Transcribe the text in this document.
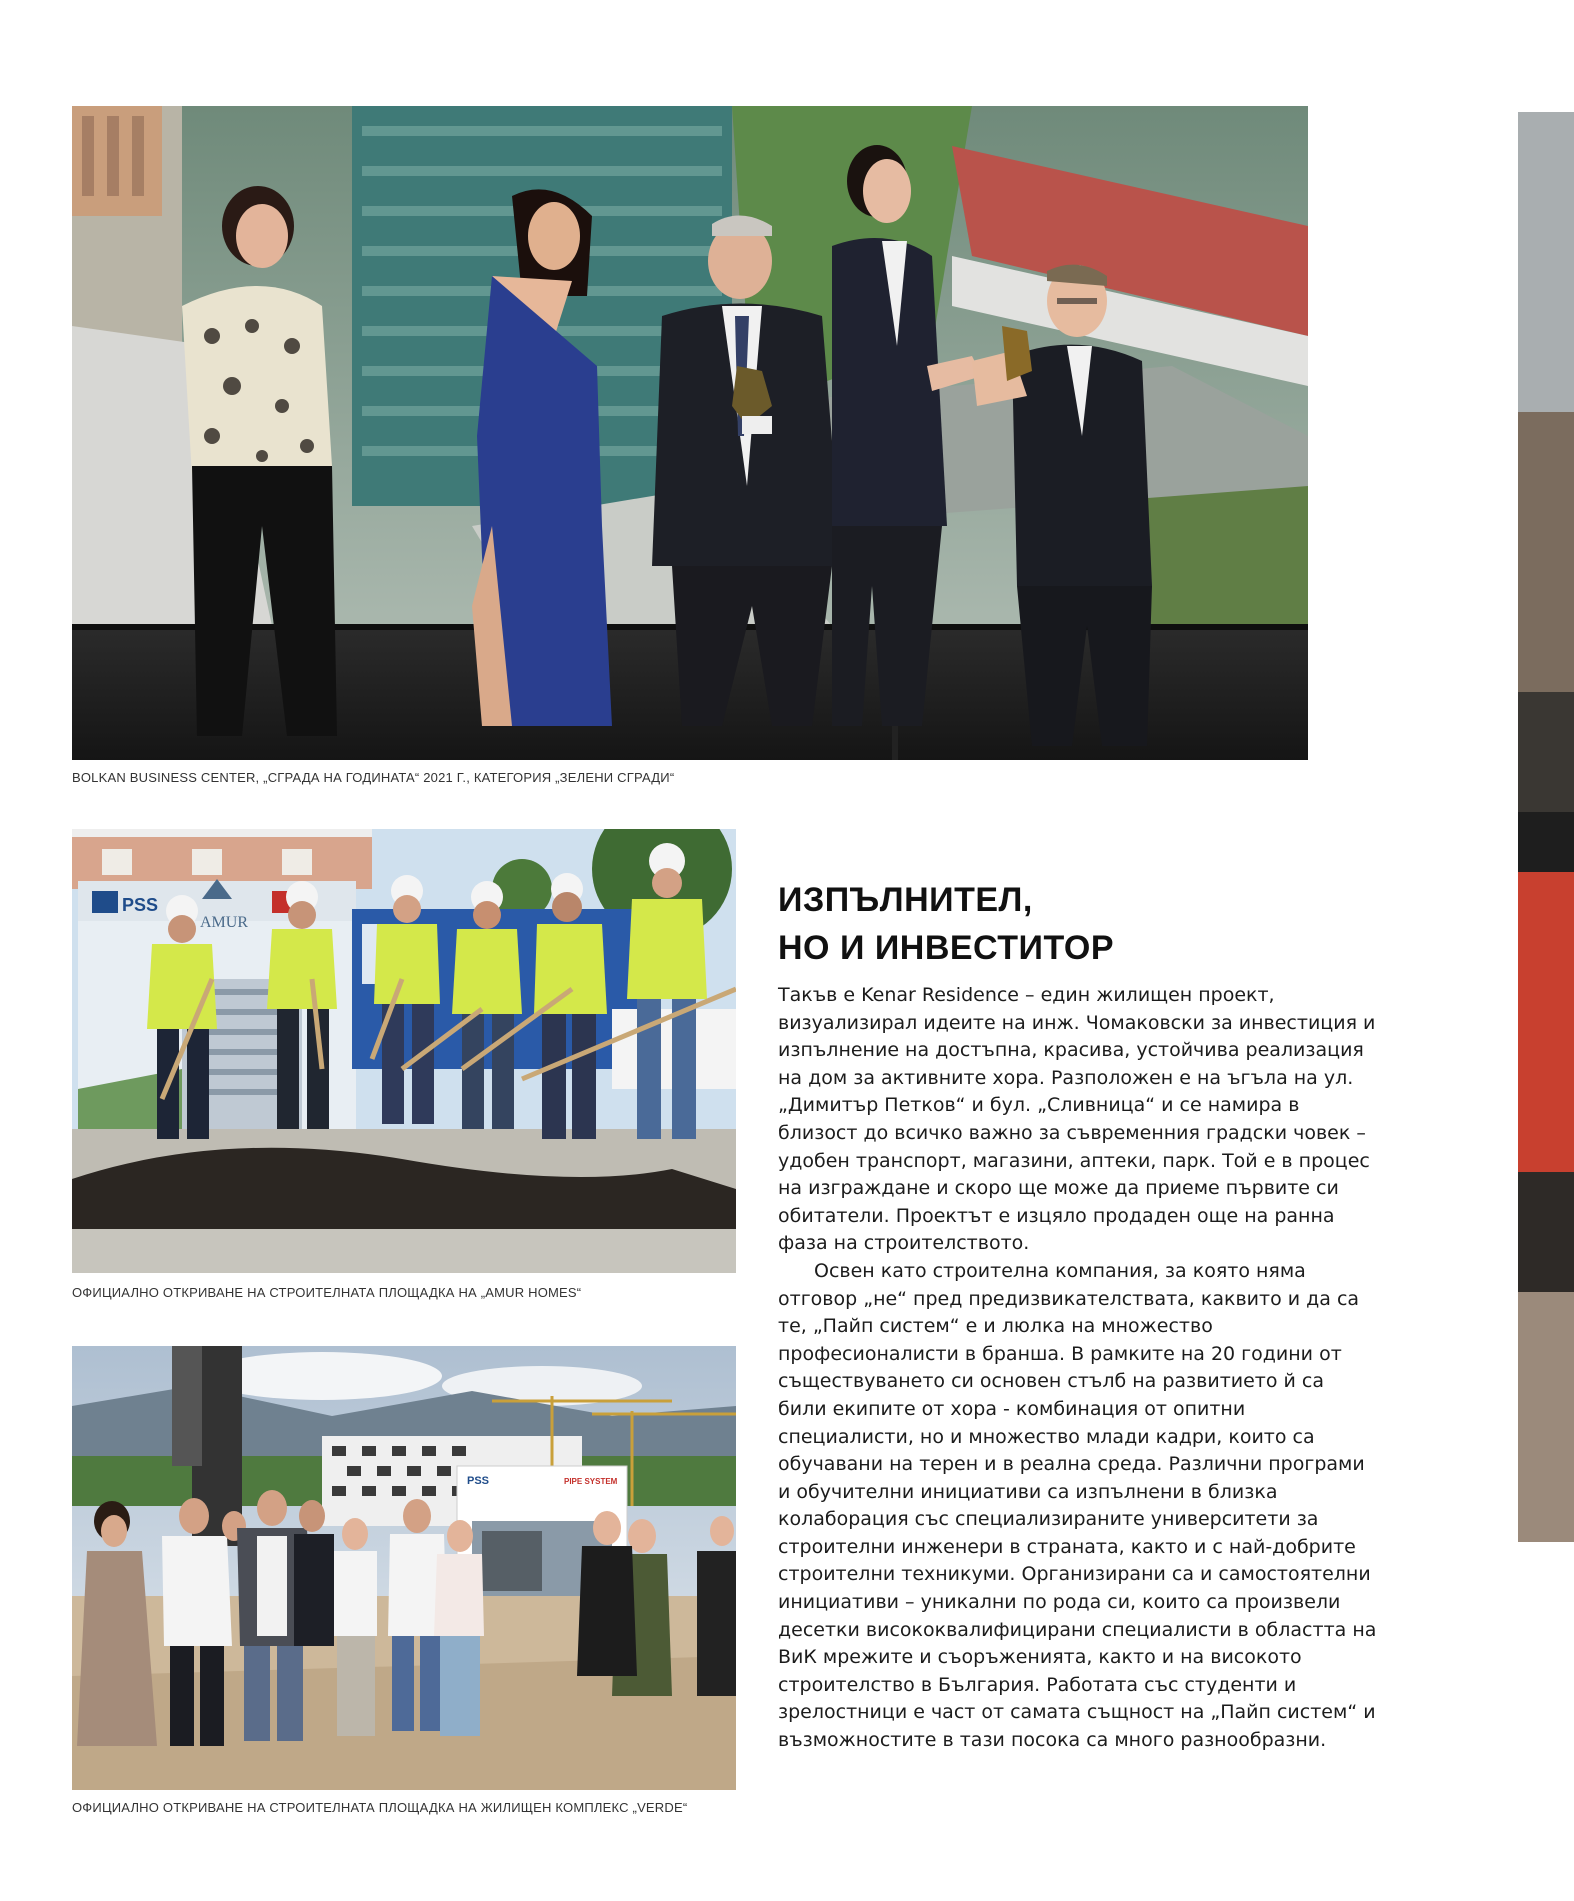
BOLKAN BUSINESS CENTER, „СГРАДА НА ГОДИНАТА“ 2021 Г., КАТЕГОРИЯ „ЗЕЛЕНИ СГРАДИ“
PSS
AMUR
ОФИЦИАЛНО ОТКРИВАНЕ НА СТРОИТЕЛНАТА ПЛОЩАДКА НА „AMUR HOMES“
PSS	PIPE SYSTEM
ОФИЦИАЛНО ОТКРИВАНЕ НА СТРОИТЕЛНАТА ПЛОЩАДКА НА ЖИЛИЩЕН КОМПЛЕКС „VERDE“
ИЗПЪЛНИТЕЛ,
НО И ИНВЕСТИТОР

Такъв е Kenar Residence – един жилищен проект, визуализирал идеите на инж. Чомаковски за инвестиция и изпълнение на достъпна, красива, устойчива реализация на дом за активните хора. Разположен е на ъгъла на ул. „Димитър Петков“ и бул. „Сливница“ и се намира в близост до всичко важно за съвременния градски човек – удобен транспорт, магазини, аптеки, парк. Той е в процес на изграждане и скоро ще може да приеме първите си обитатели. Проектът е изцяло продаден още на ранна фаза на строителството.

Освен като строителна компания, за която няма отговор „не“ пред предизвикателствата, каквито и да са те, „Пайп систем“ е и люлка на множество професионалисти в бранша. В рамките на 20 години от съществуването си основен стълб на развитието й са били екипите от хора - комбинация от опитни специалисти, но и множество млади кадри, които са обучавани на терен и в реална среда. Различни програми и обучителни инициативи са изпълнени в близка колаборация със специализираните университети за строителни инженери в страната, както и с най-добрите строителни техникуми. Организирани са и самостоятелни инициативи – уникални по рода си, които са произвели десетки висококвалифицирани специалисти в областта на ВиК мрежите и съоръженията, както и на високото строителство в България. Работата със студенти и зрелостници е част от самата същност на „Пайп систем“ и възможностите в тази посока са много разнообразни.
